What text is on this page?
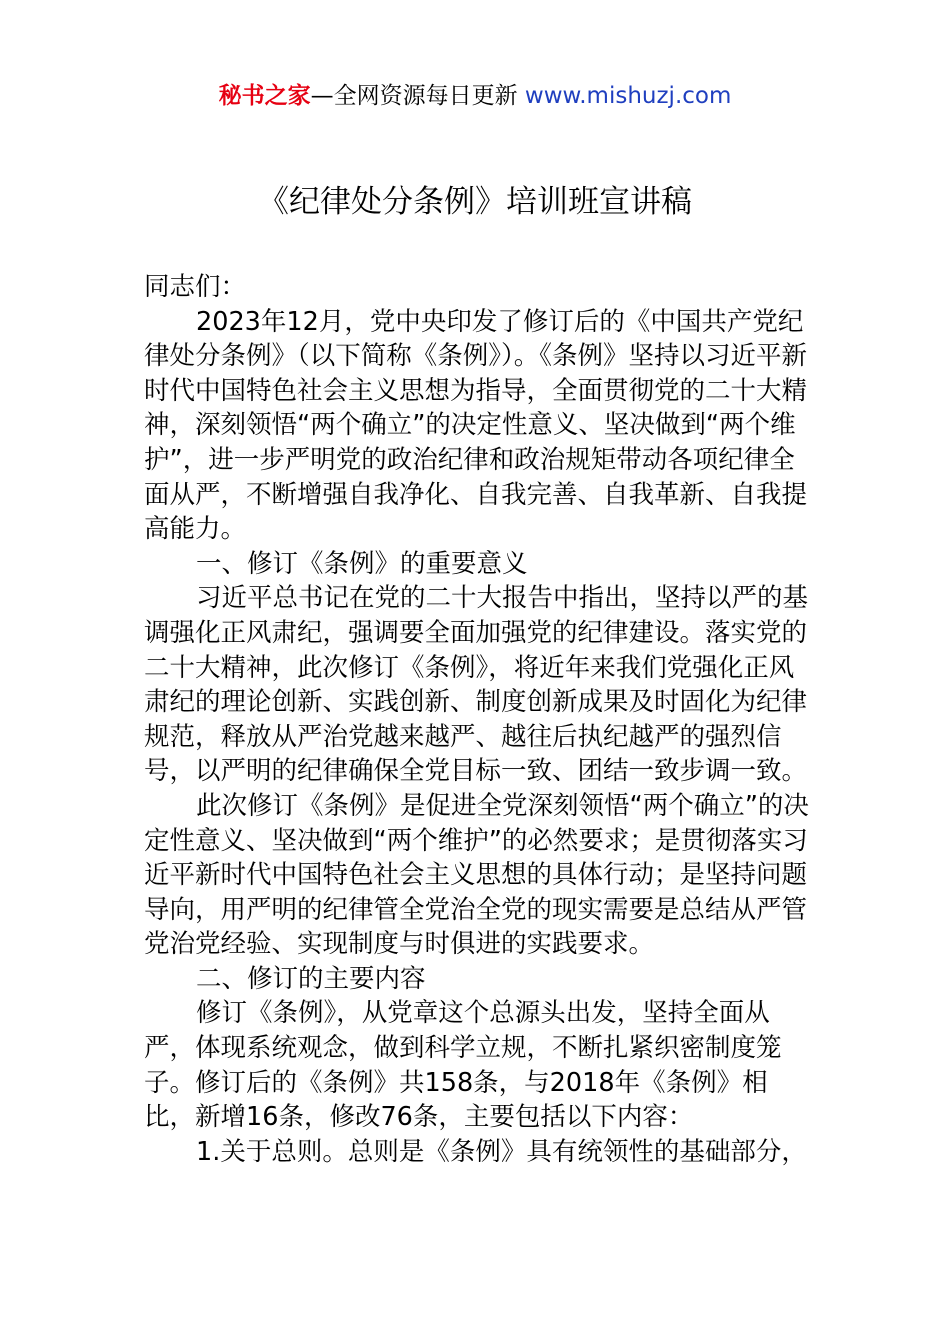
秘书之家—全网资源每日更新 www.mishuzj.com
《纪律处分条例》培训班宣讲稿

同志们：

2023年12月，党中央印发了修订后的《中国共产党纪律处分条例》（以下简称《条例》）。《条例》坚持以习近平新时代中国特色社会主义思想为指导，全面贯彻党的二十大精神，深刻领悟“两个确立”的决定性意义、坚决做到“两个维护”，进一步严明党的政治纪律和政治规矩带动各项纪律全面从严，不断增强自我净化、自我完善、自我革新、自我提高能力。

一、修订《条例》的重要意义

习近平总书记在党的二十大报告中指出，坚持以严的基调强化正风肃纪，强调要全面加强党的纪律建设。落实党的二十大精神，此次修订《条例》，将近年来我们党强化正风肃纪的理论创新、实践创新、制度创新成果及时固化为纪律规范，释放从严治党越来越严、越往后执纪越严的强烈信号，以严明的纪律确保全党目标一致、团结一致步调一致。

此次修订《条例》是促进全党深刻领悟“两个确立”的决定性意义、坚决做到“两个维护”的必然要求；是贯彻落实习近平新时代中国特色社会主义思想的具体行动；是坚持问题导向，用严明的纪律管全党治全党的现实需要是总结从严管党治党经验、实现制度与时俱进的实践要求。

二、修订的主要内容

修订《条例》，从党章这个总源头出发，坚持全面从严，体现系统观念，做到科学立规，不断扎紧织密制度笼子。修订后的《条例》共158条，与2018年《条例》相比，新增16条，修改76条，主要包括以下内容：

1.关于总则。总则是《条例》具有统领性的基础部分，
